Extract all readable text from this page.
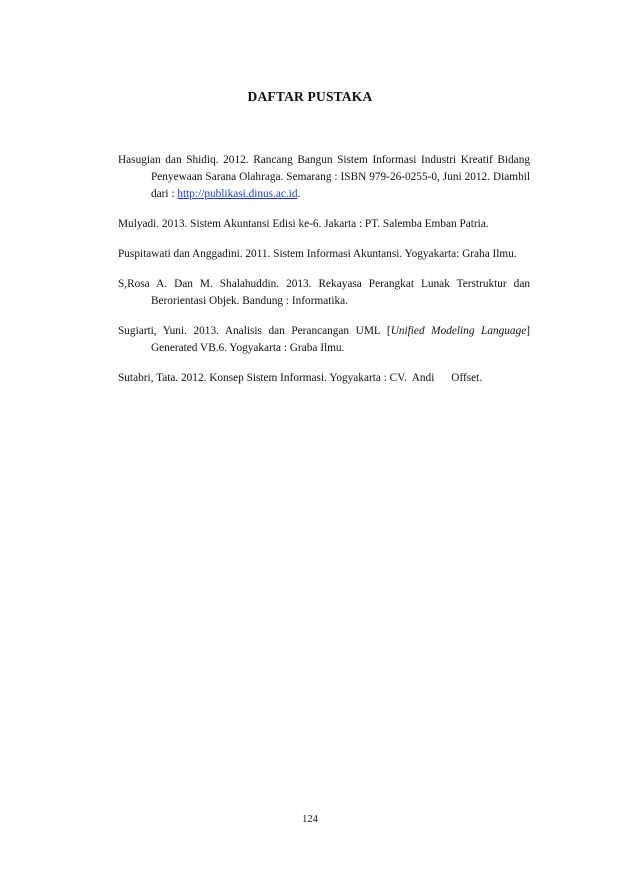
DAFTAR PUSTAKA

Hasugian dan Shidiq. 2012. Rancang Bangun Sistem Informasi Industri Kreatif Bidang Penyewaan Sarana Olahraga. Semarang : ISBN 979-26-0255-0, Juni 2012. Diambil dari : http://publikasi.dinus.ac.id.

Mulyadi. 2013. Sistem Akuntansi Edisi ke-6. Jakarta : PT. Salemba Emban Patria.

Puspitawati dan Anggadini. 2011. Sistem Informasi Akuntansi. Yogyakarta: Graha Ilmu.

S,Rosa A. Dan M. Shalahuddin. 2013. Rekayasa Perangkat Lunak Terstruktur dan Berorientasi Objek. Bandung : Informatika.

Sugiarti, Yuni. 2013. Analisis dan Perancangan UML [Unified Modeling Language] Generated VB.6. Yogyakarta : Graba Ilmu.

Sutabri, Tata. 2012. Konsep Sistem Informasi. Yogyakarta : CV.  Andi      Offset.

124
